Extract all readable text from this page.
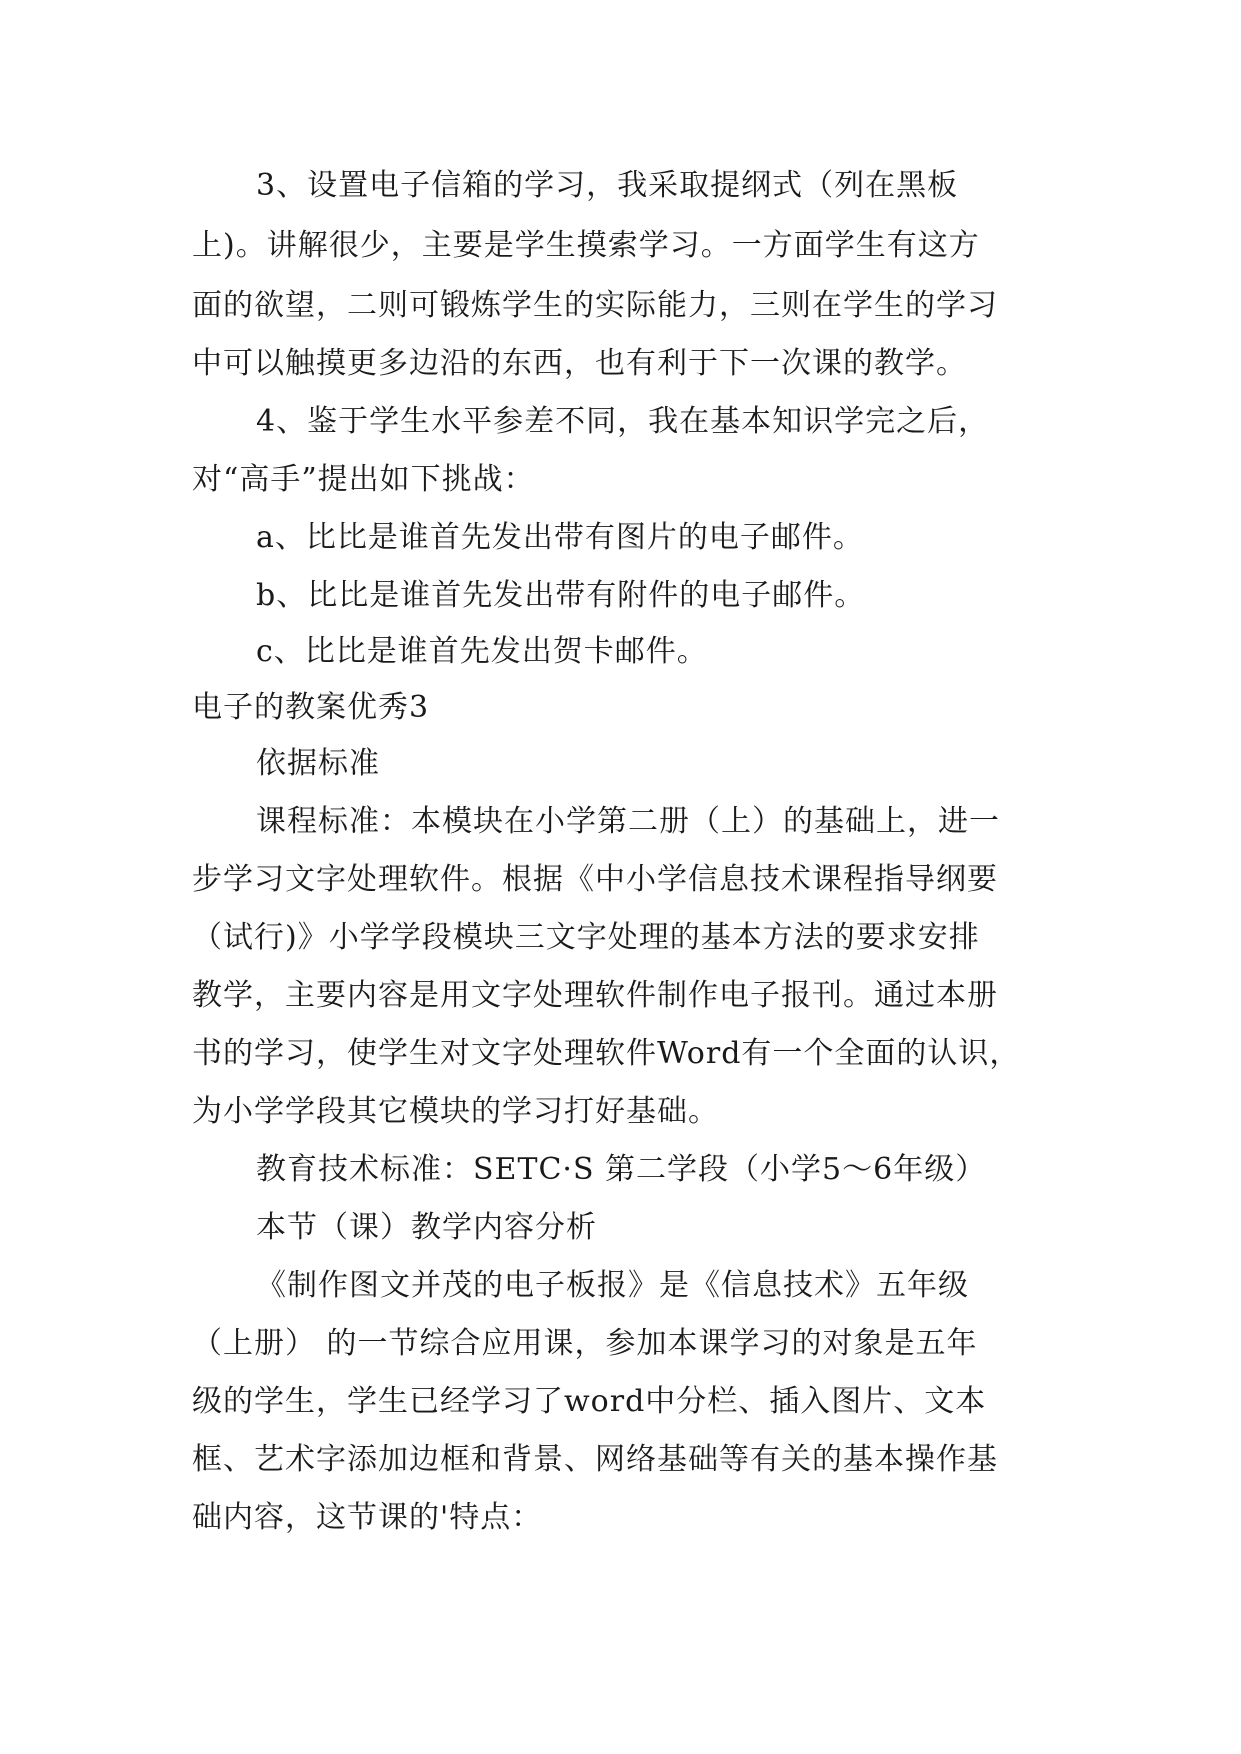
3、设置电子信箱的学习，我采取提纲式（列在黑板
上)。讲解很少，主要是学生摸索学习。一方面学生有这方
面的欲望，二则可锻炼学生的实际能力，三则在学生的学习
中可以触摸更多边沿的东西，也有利于下一次课的教学。
4、鉴于学生水平参差不同，我在基本知识学完之后，
对“高手”提出如下挑战：
a、比比是谁首先发出带有图片的电子邮件。
b、比比是谁首先发出带有附件的电子邮件。
c、比比是谁首先发出贺卡邮件。
电子的教案优秀3
依据标准
课程标准：本模块在小学第二册（上）的基础上，进一
步学习文字处理软件。根据《中小学信息技术课程指导纲要
（试行)》小学学段模块三文字处理的基本方法的要求安排
教学，主要内容是用文字处理软件制作电子报刊。通过本册
书的学习，使学生对文字处理软件Word有一个全面的认识，
为小学学段其它模块的学习打好基础。
教育技术标准：SETC·S 第二学段（小学5～6年级）
本节（课）教学内容分析
《制作图文并茂的电子板报》是《信息技术》五年级
（上册） 的一节综合应用课，参加本课学习的对象是五年
级的学生，学生已经学习了word中分栏、插入图片、文本
框、艺术字添加边框和背景、网络基础等有关的基本操作基
础内容，这节课的'特点：
